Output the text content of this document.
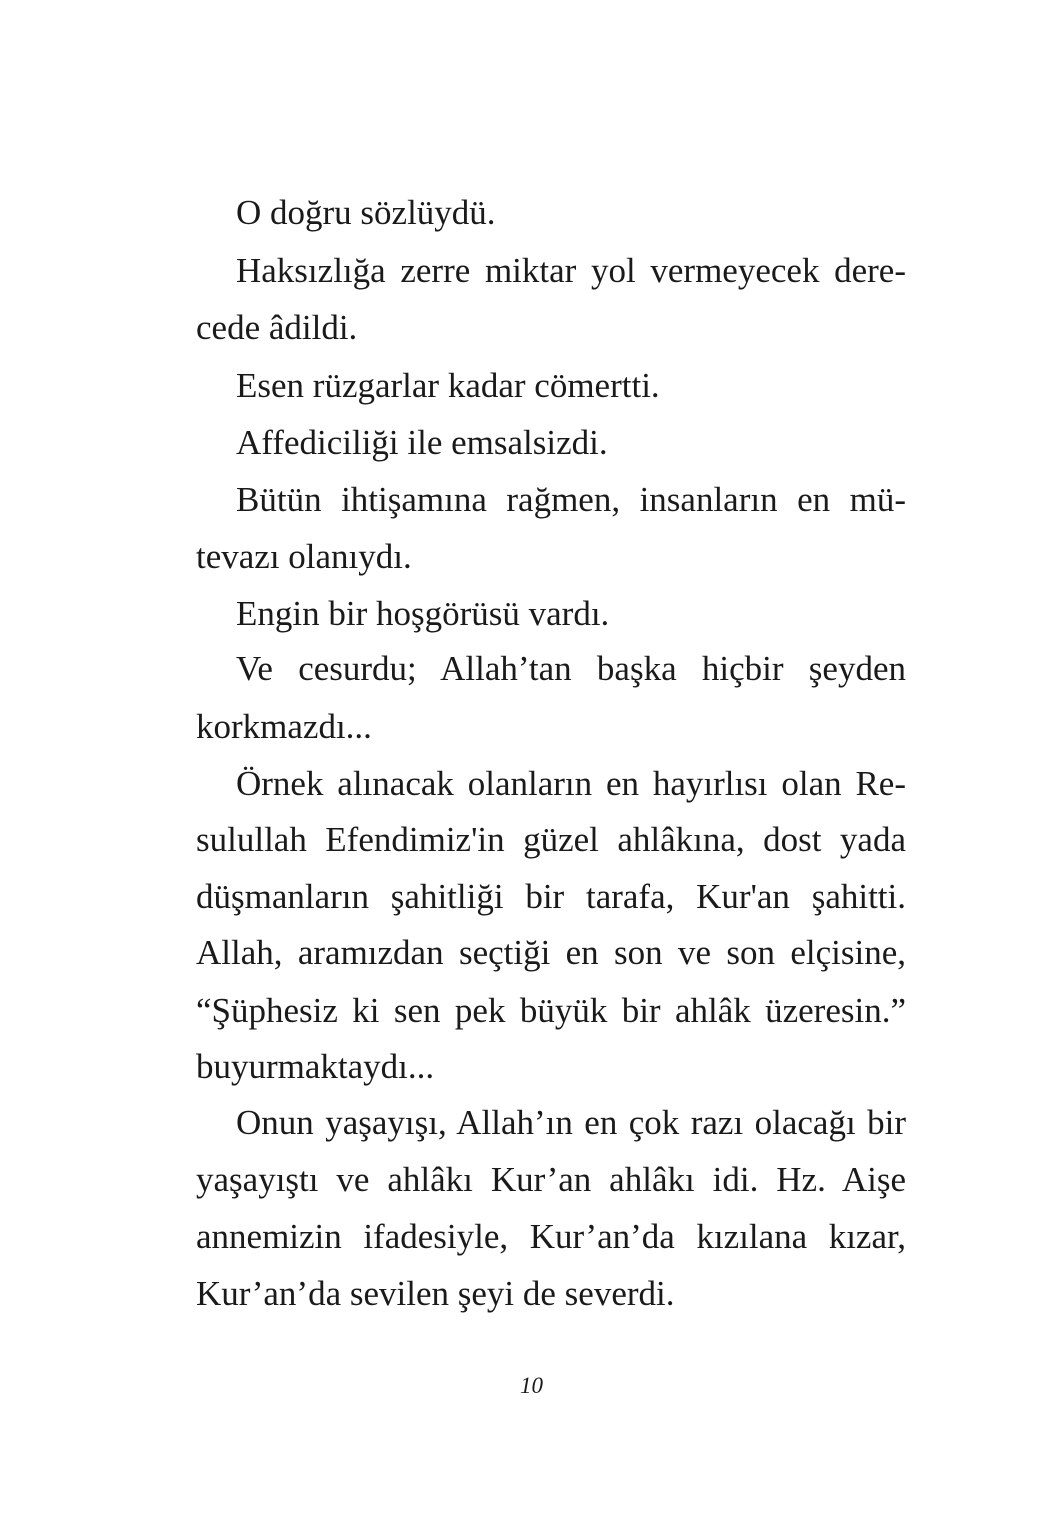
O doğru sözlüydü.
Haksızlığa zerre miktar yol vermeyecek dere-
cede âdildi.
Esen rüzgarlar kadar cömertti.
Affediciliği ile emsalsizdi.
Bütün ihtişamına rağmen, insanların en mü-
tevazı olanıydı.
Engin bir hoşgörüsü vardı.
Ve cesurdu; Allah’tan başka hiçbir şeyden
korkmazdı...
Örnek alınacak olanların en hayırlısı olan Re-
sulullah Efendimiz'in güzel ahlâkına, dost yada
düşmanların şahitliği bir tarafa, Kur'an şahitti.
Allah, aramızdan seçtiği en son ve son elçisine,
“Şüphesiz ki sen pek büyük bir ahlâk üzeresin.”
buyurmaktaydı...
Onun yaşayışı, Allah’ın en çok razı olacağı bir
yaşayıştı ve ahlâkı Kur’an ahlâkı idi. Hz. Aişe
annemizin ifadesiyle, Kur’an’da kızılana kızar,
Kur’an’da sevilen şeyi de severdi.
10
